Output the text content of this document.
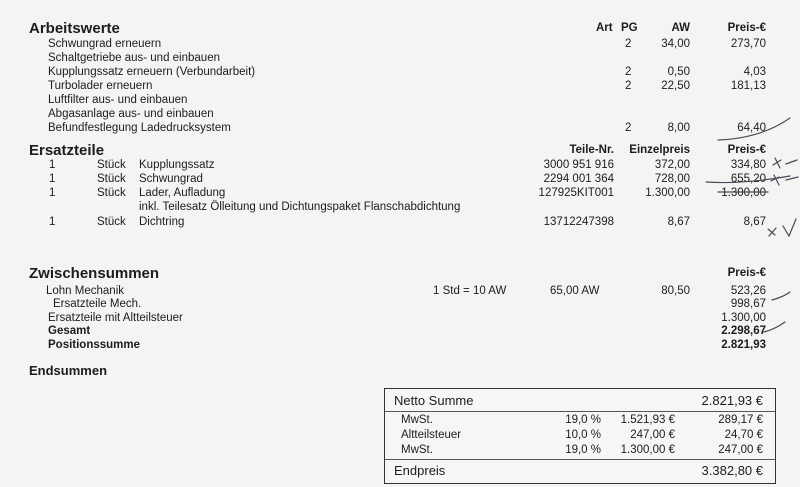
Arbeitswerte	Art PG	AW	Preis-€
Schwungrad erneuern	2	34,00	273,70
Schaltgetriebe aus- und einbauen
Kupplungssatz erneuern (Verbundarbeit)	2	0,50	4,03
Turbolader erneuern	2	22,50	181,13
Luftfilter aus- und einbauen
Abgasanlage aus- und einbauen
Befundfestlegung Ladedrucksystem	2	8,00	64,40
Ersatzteile	Teile-Nr.	Einzelpreis	Preis-€
1	Stück Kupplungssatz	3000 951 916	372,00	334,80
1	Stück Schwungrad	2294 001 364	728,00	655,20
1	Stück Lader, Aufladung	127925KIT001	1.300,00	1.300,00
inkl. Teilesatz Ölleitung und Dichtungspaket Flanschabdichtung
1	Stück Dichtring	13712247398	8,67	8,67
Zwischensummen	Preis-€
Lohn Mechanik	1 Std = 10 AW	65,00 AW	80,50	523,26
Ersatzteile Mech.	998,67
Ersatzteile mit Altteilsteuer	1.300,00
Gesamt	2.298,67
Positionssumme	2.821,93
Endsummen
Netto Summe	2.821,93 €
MwSt.	19,0 %	1.521,93 €	289,17 €
Altteilsteuer	10,0 %	247,00 €	24,70 €
MwSt.	19,0 %	1.300,00 €	247,00 €
Endpreis	3.382,80 €
